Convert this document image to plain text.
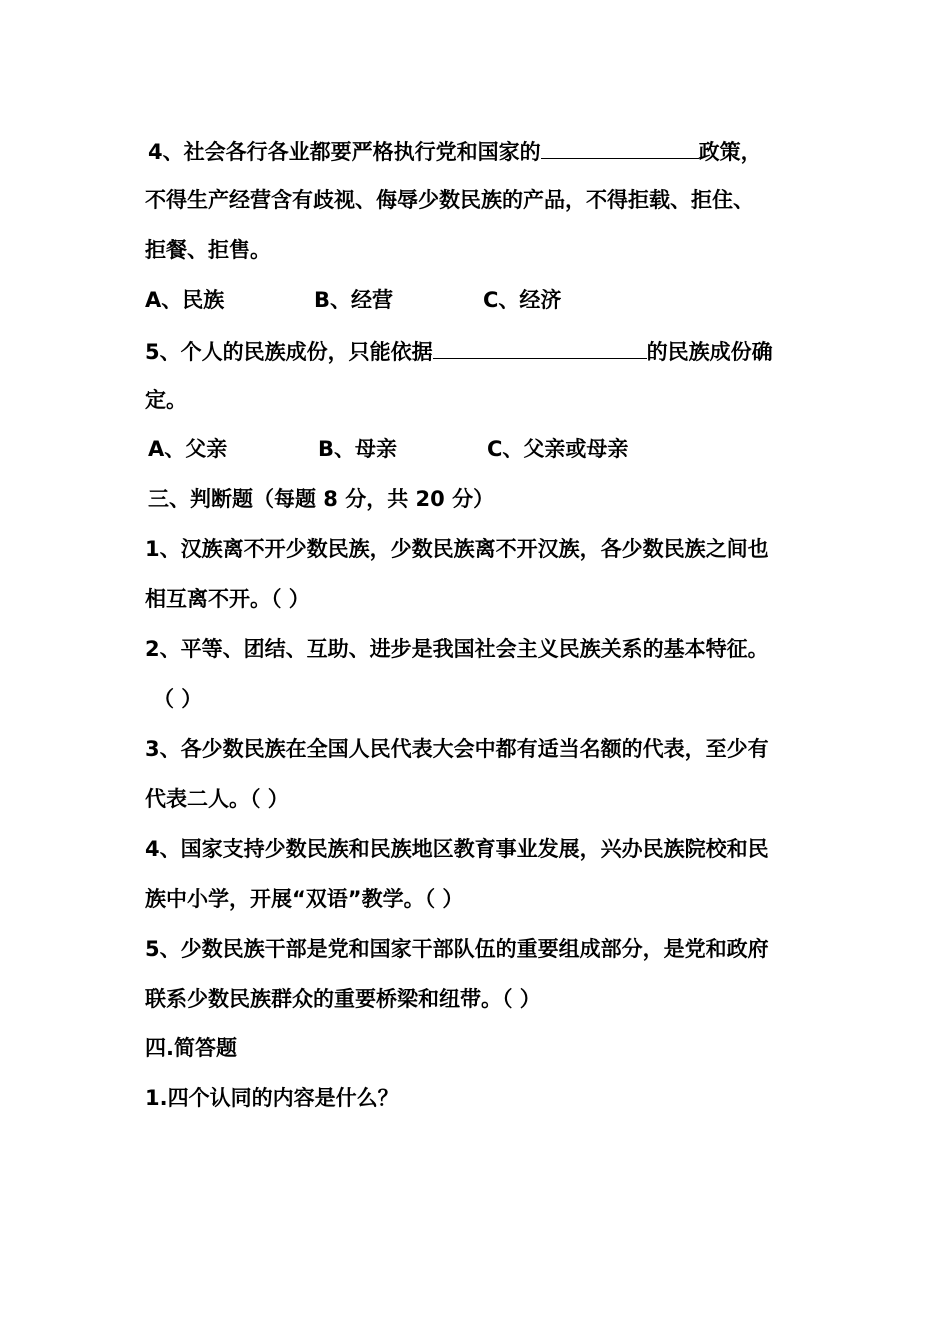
4、社会各行各业都要严格执行党和国家的	政策，
不得生产经营含有歧视、侮辱少数民族的产品，不得拒载、拒住、
拒餐、拒售。
A、民族	B、经营	C、经济
5、个人的民族成份，只能依据	的民族成份确
定。
A、父亲	B、母亲	C、父亲或母亲
三、判断题（每题 8 分，共 20 分）
1、汉族离不开少数民族，少数民族离不开汉族，各少数民族之间也
相互离不开。（ ）
2、平等、团结、互助、进步是我国社会主义民族关系的基本特征。
（ ）
3、各少数民族在全国人民代表大会中都有适当名额的代表，至少有
代表二人。（ ）
4、国家支持少数民族和民族地区教育事业发展，兴办民族院校和民
族中小学，开展“双语”教学。（ ）
5、少数民族干部是党和国家干部队伍的重要组成部分，是党和政府
联系少数民族群众的重要桥梁和纽带。（ ）
四.简答题
1.四个认同的内容是什么？
